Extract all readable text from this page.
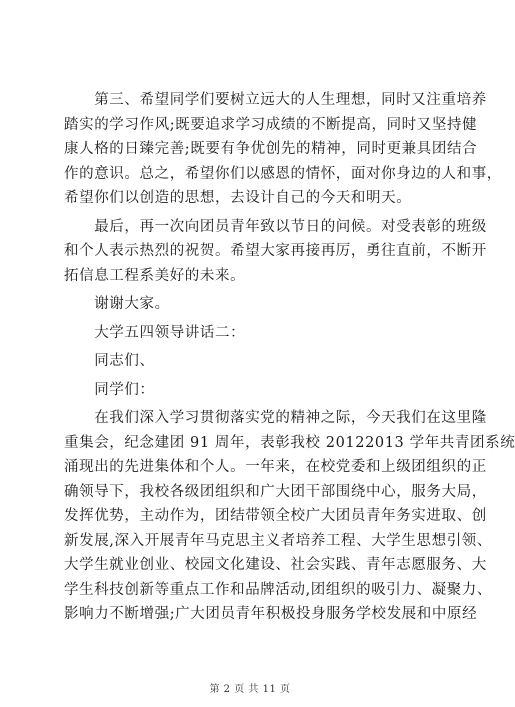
　　第三、希望同学们要树立远大的人生理想，同时又注重培养
踏实的学习作风;既要追求学习成绩的不断提高，同时又坚持健
康人格的日臻完善;既要有争优创先的精神，同时更兼具团结合
作的意识。总之，希望你们以感恩的情怀，面对你身边的人和事，
希望你们以创造的思想，去设计自己的今天和明天。
　　最后，再一次向团员青年致以节日的问候。对受表彰的班级
和个人表示热烈的祝贺。希望大家再接再厉，勇往直前，不断开
拓信息工程系美好的未来。
　　谢谢大家。
　　大学五四领导讲话二：
　　同志们、
　　同学们：
　　在我们深入学习贯彻落实党的精神之际，今天我们在这里隆
重集会，纪念建团 91 周年，表彰我校 20122013 学年共青团系统
涌现出的先进集体和个人。一年来，在校党委和上级团组织的正
确领导下，我校各级团组织和广大团干部围绕中心，服务大局，
发挥优势，主动作为，团结带领全校广大团员青年务实进取、创
新发展,深入开展青年马克思主义者培养工程、大学生思想引领、
大学生就业创业、校园文化建设、社会实践、青年志愿服务、大
学生科技创新等重点工作和品牌活动,团组织的吸引力、凝聚力、
影响力不断增强;广大团员青年积极投身服务学校发展和中原经
第 2 页 共 11 页
